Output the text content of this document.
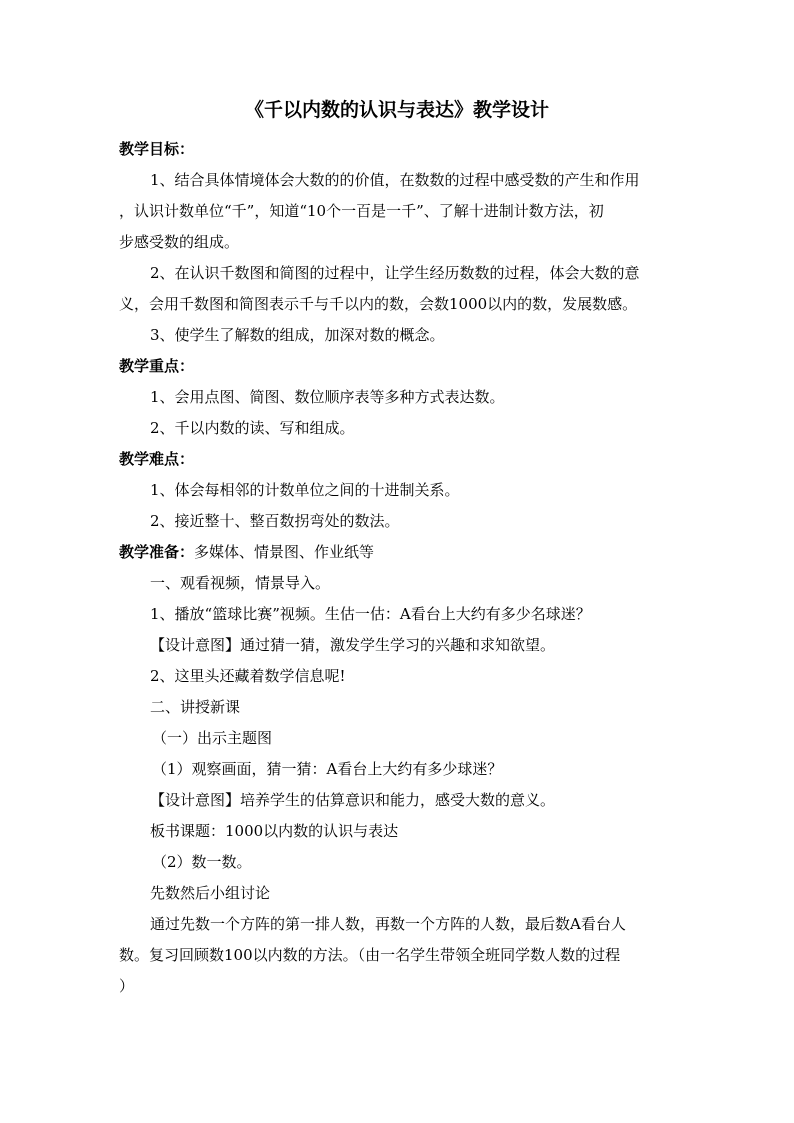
《千以内数的认识与表达》教学设计
教学目标：
1、结合具体情境体会大数的的价值，在数数的过程中感受数的产生和作用
，认识计数单位“千”，知道“10个一百是一千”、了解十进制计数方法，初
步感受数的组成。
2、在认识千数图和简图的过程中，让学生经历数数的过程，体会大数的意
义，会用千数图和简图表示千与千以内的数，会数1000以内的数，发展数感。
3、使学生了解数的组成，加深对数的概念。
教学重点：
1、会用点图、简图、数位顺序表等多种方式表达数。
2、千以内数的读、写和组成。
教学难点：
1、体会每相邻的计数单位之间的十进制关系。
2、接近整十、整百数拐弯处的数法。
教学准备：多媒体、情景图、作业纸等
一、观看视频，情景导入。
1、播放“篮球比赛”视频。生估一估：A看台上大约有多少名球迷？
【设计意图】通过猜一猜，激发学生学习的兴趣和求知欲望。
2、这里头还藏着数学信息呢!
二、讲授新课
（一）出示主题图
（1）观察画面，猜一猜：A看台上大约有多少球迷？
【设计意图】培养学生的估算意识和能力，感受大数的意义。
板书课题：1000以内数的认识与表达
（2）数一数。
先数然后小组讨论
通过先数一个方阵的第一排人数，再数一个方阵的人数，最后数A看台人
数。复习回顾数100以内数的方法。（由一名学生带领全班同学数人数的过程
）
